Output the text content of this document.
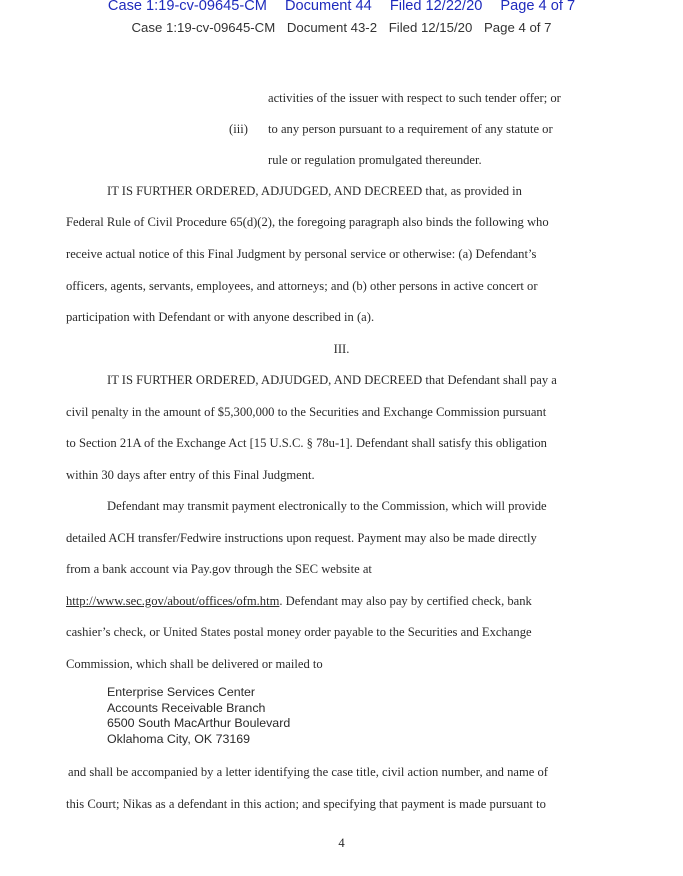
Case 1:19-cv-09645-CM Document 44 Filed 12/22/20 Page 4 of 7
Case 1:19-cv-09645-CM Document 43-2 Filed 12/15/20 Page 4 of 7
activities of the issuer with respect to such tender offer; or
(iii) to any person pursuant to a requirement of any statute or
rule or regulation promulgated thereunder.
IT IS FURTHER ORDERED, ADJUDGED, AND DECREED that, as provided in
Federal Rule of Civil Procedure 65(d)(2), the foregoing paragraph also binds the following who
receive actual notice of this Final Judgment by personal service or otherwise: (a) Defendant’s
officers, agents, servants, employees, and attorneys; and (b) other persons in active concert or
participation with Defendant or with anyone described in (a).
III.
IT IS FURTHER ORDERED, ADJUDGED, AND DECREED that Defendant shall pay a
civil penalty in the amount of $5,300,000 to the Securities and Exchange Commission pursuant
to Section 21A of the Exchange Act [15 U.S.C. § 78u-1]. Defendant shall satisfy this obligation
within 30 days after entry of this Final Judgment.
Defendant may transmit payment electronically to the Commission, which will provide
detailed ACH transfer/Fedwire instructions upon request. Payment may also be made directly
from a bank account via Pay.gov through the SEC website at
http://www.sec.gov/about/offices/ofm.htm. Defendant may also pay by certified check, bank
cashier’s check, or United States postal money order payable to the Securities and Exchange
Commission, which shall be delivered or mailed to
Enterprise Services Center
Accounts Receivable Branch
6500 South MacArthur Boulevard
Oklahoma City, OK 73169
and shall be accompanied by a letter identifying the case title, civil action number, and name of
this Court; Nikas as a defendant in this action; and specifying that payment is made pursuant to
4
